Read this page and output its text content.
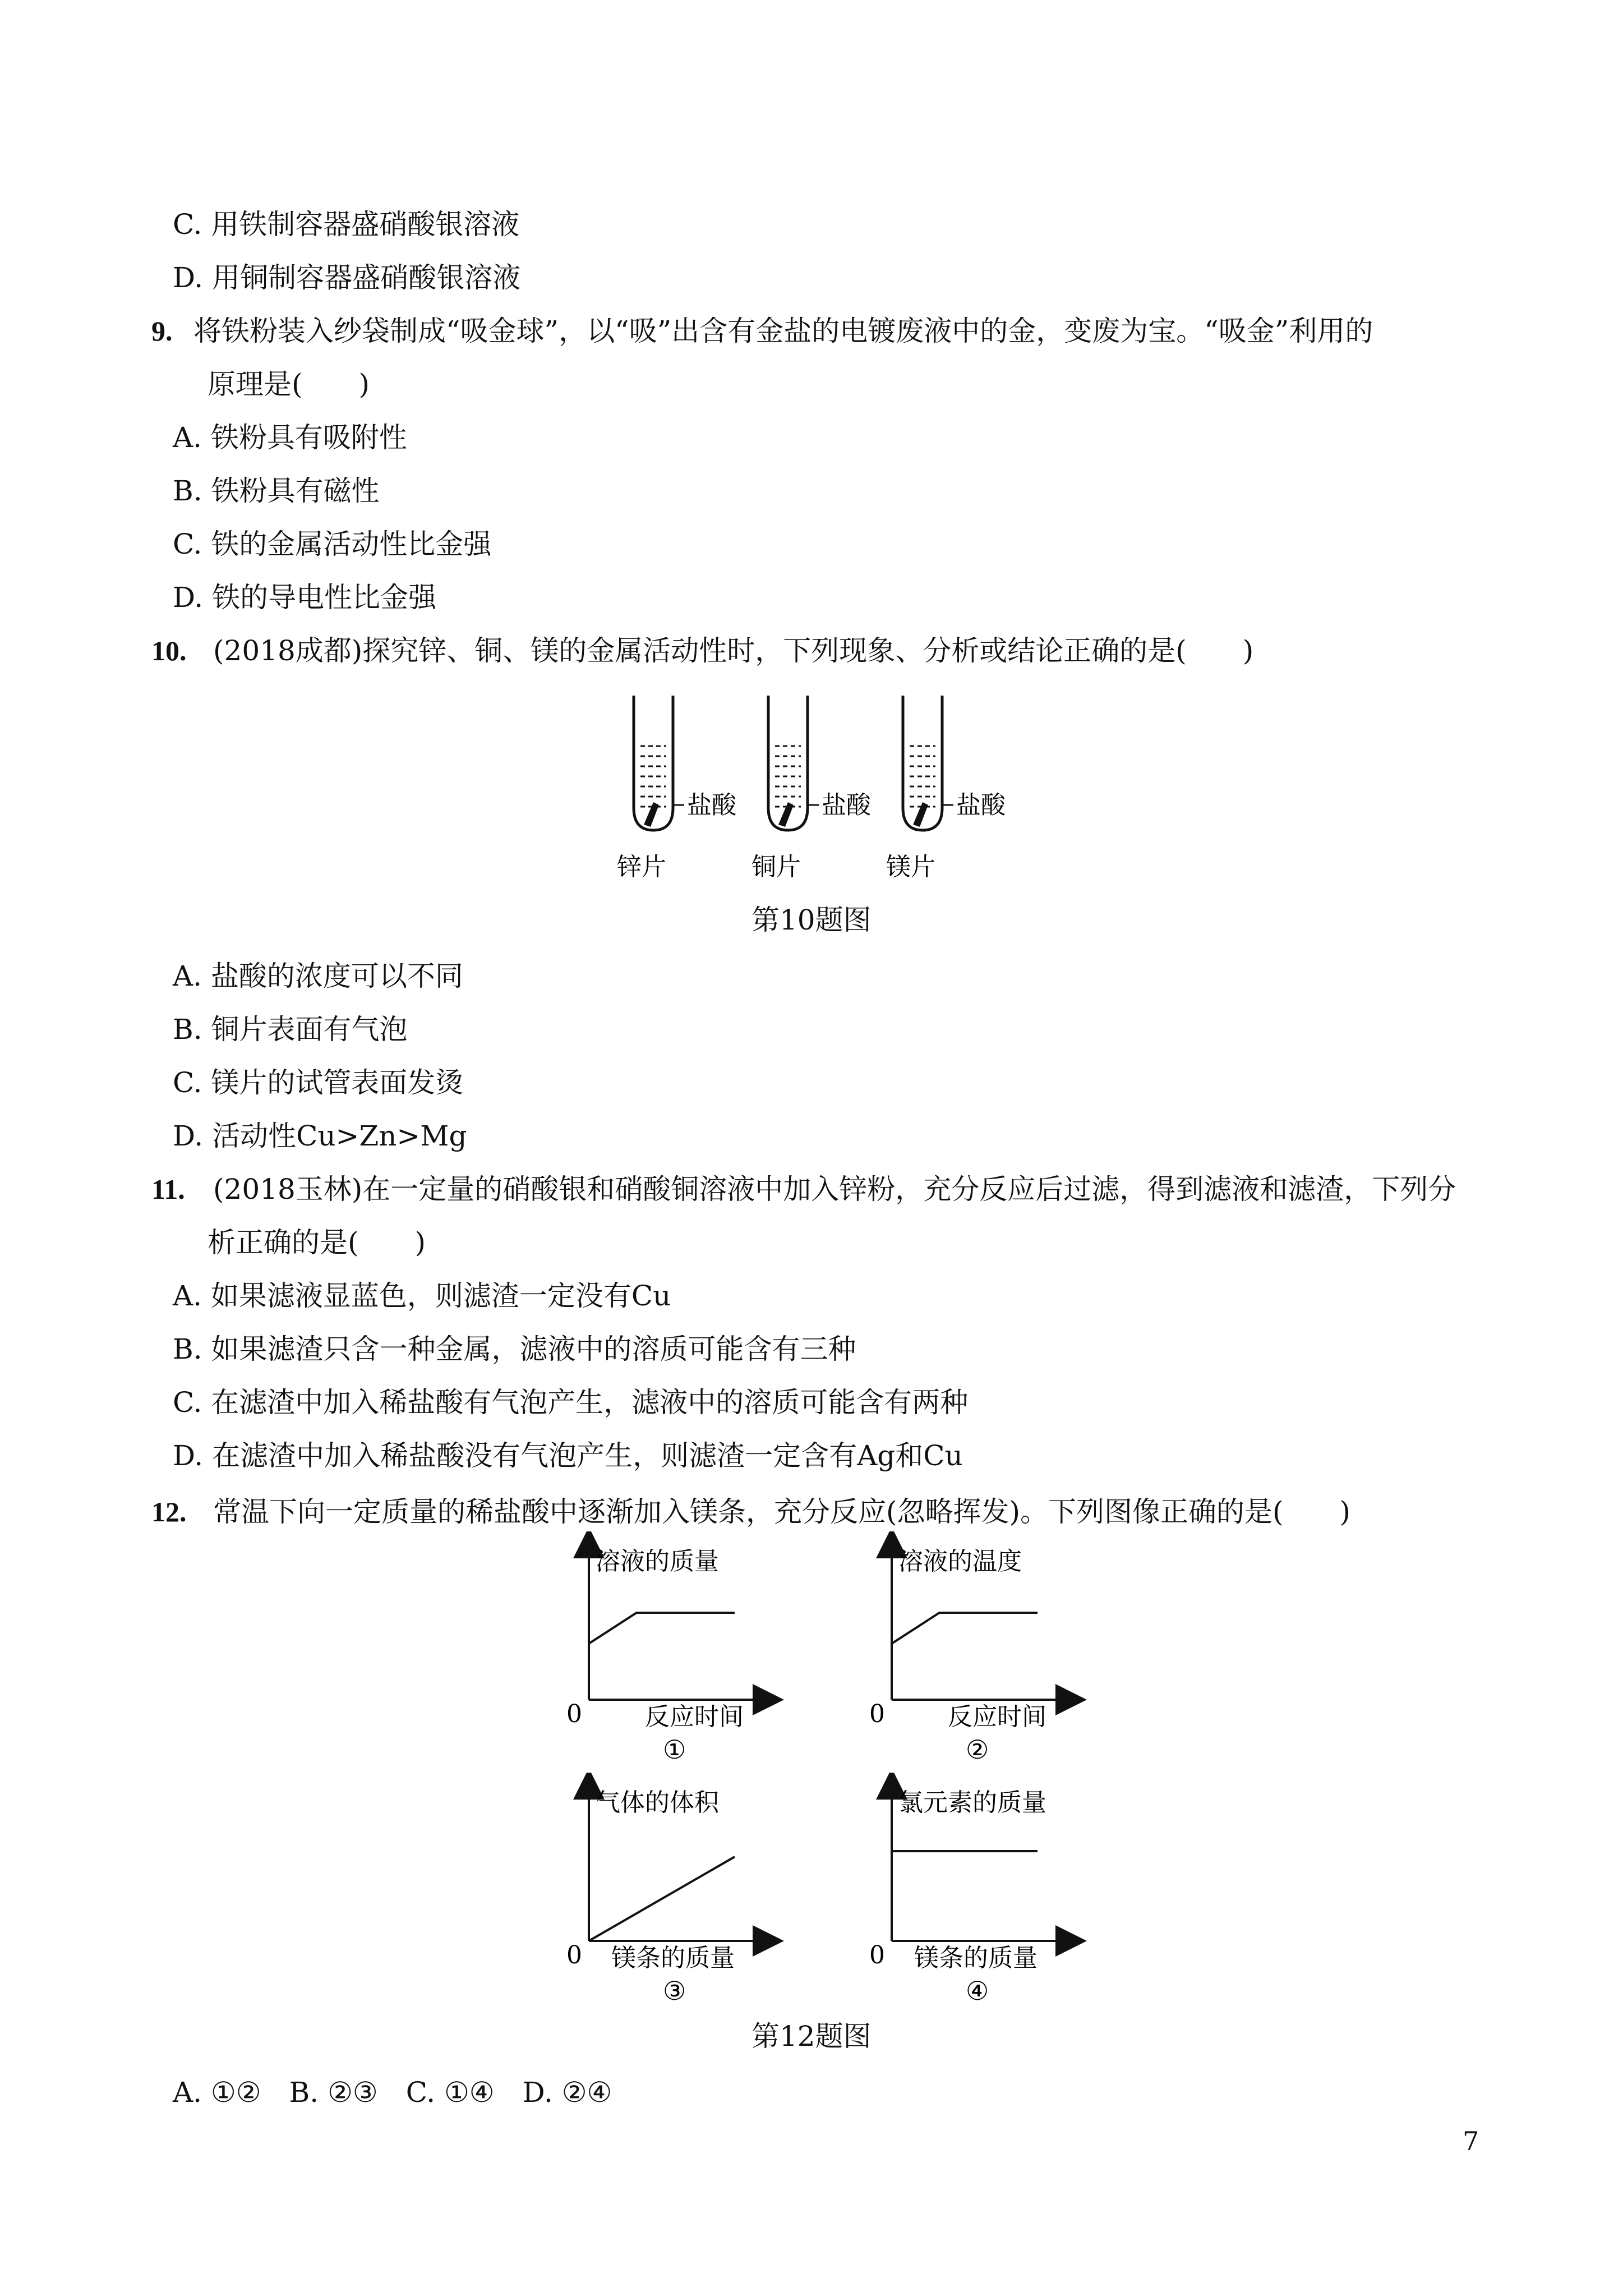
C. 用铁制容器盛硝酸银溶液
D. 用铜制容器盛硝酸银溶液
9. 将铁粉装入纱袋制成“吸金球”，以“吸”出含有金盐的电镀废液中的金，变废为宝。“吸金”利用的
原理是(　　)
A. 铁粉具有吸附性
B. 铁粉具有磁性
C. 铁的金属活动性比金强
D. 铁的导电性比金强
10. (2018成都)探究锌、铜、镁的金属活动性时，下列现象、分析或结论正确的是(　　)
盐酸
锌片
盐酸
铜片
盐酸
镁片
第10题图
A. 盐酸的浓度可以不同
B. 铜片表面有气泡
C. 镁片的试管表面发烫
D. 活动性Cu>Zn>Mg
11. (2018玉林)在一定量的硝酸银和硝酸铜溶液中加入锌粉，充分反应后过滤，得到滤液和滤渣，下列分
析正确的是(　　)
A. 如果滤液显蓝色，则滤渣一定没有Cu
B. 如果滤渣只含一种金属，滤液中的溶质可能含有三种
C. 在滤渣中加入稀盐酸有气泡产生，滤液中的溶质可能含有两种
D. 在滤渣中加入稀盐酸没有气泡产生，则滤渣一定含有Ag和Cu
12. 常温下向一定质量的稀盐酸中逐渐加入镁条，充分反应(忽略挥发)。下列图像正确的是(　　)
溶液的质量
0	反应时间
①
溶液的温度
0	反应时间
②
气体的体积
0 镁条的质量
③
氯元素的质量
0 镁条的质量
④
第12题图
A. ①②　B. ②③　C. ①④　D. ②④
7
